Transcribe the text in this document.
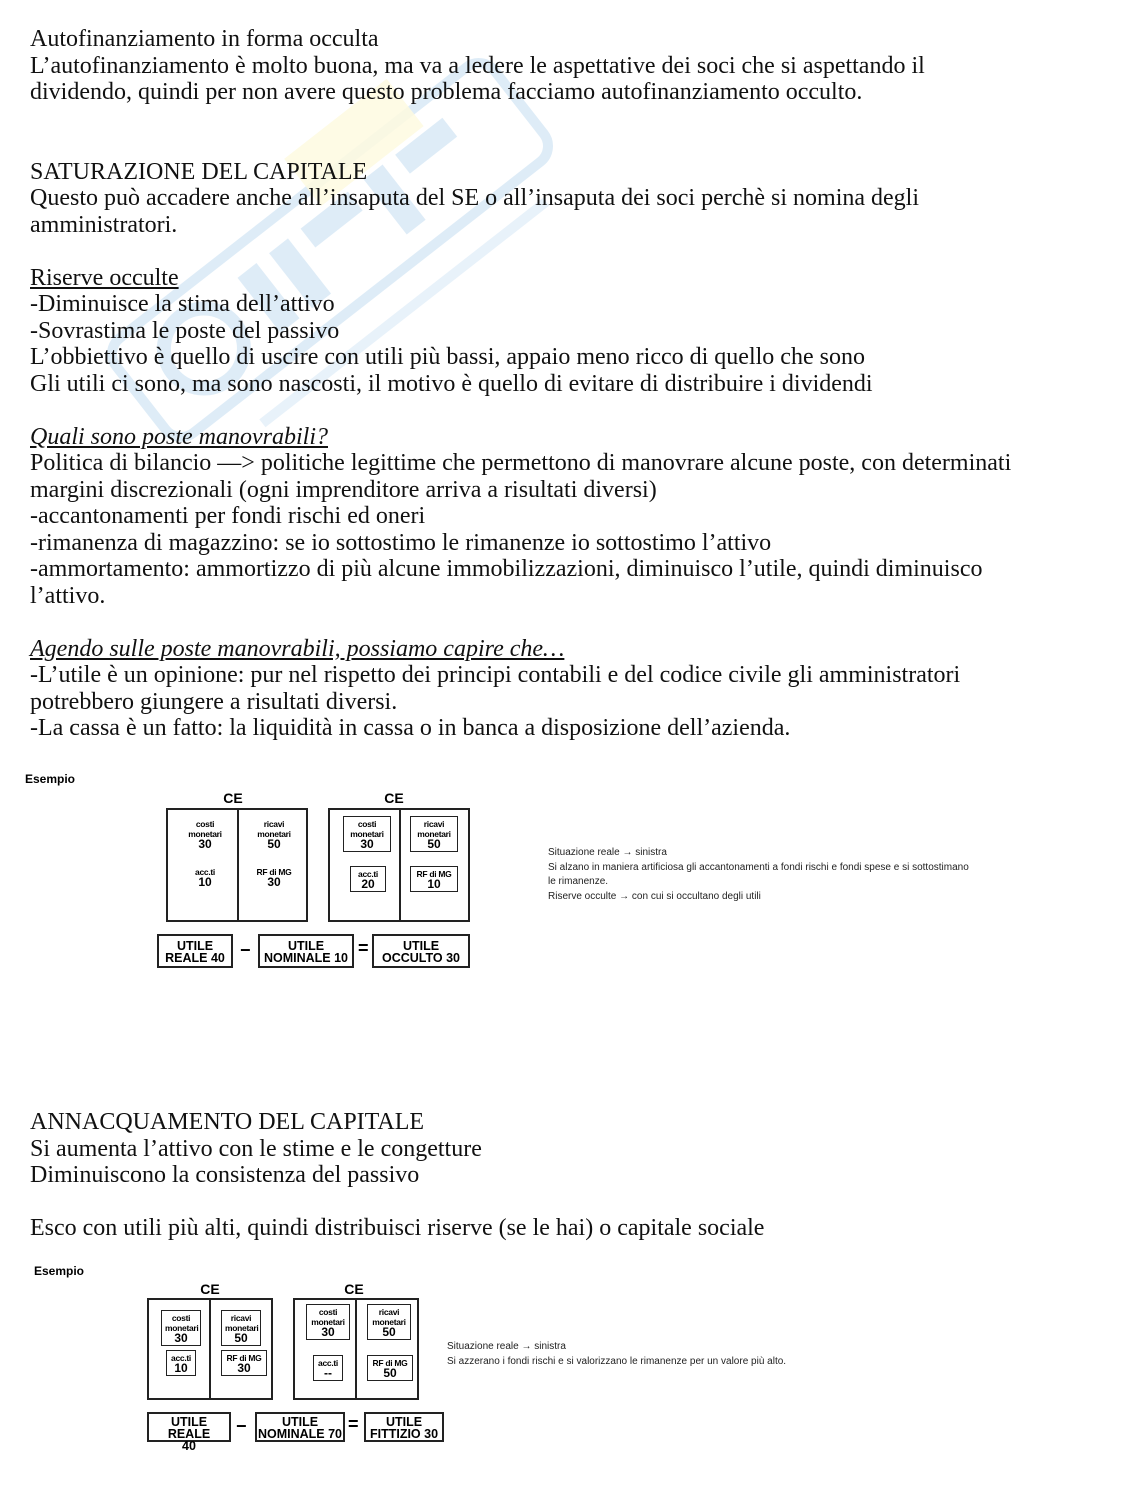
Autofinanziamento in forma occulta
L’autofinanziamento è molto buona, ma va a ledere le aspettative dei soci che si aspettando il
dividendo, quindi per non avere questo problema facciamo autofinanziamento occulto.
SATURAZIONE DEL CAPITALE
Questo può accadere anche all’insaputa del SE o all’insaputa dei soci perchè si nomina degli
amministratori.
Riserve occulte
-Diminuisce la stima dell’attivo
-Sovrastima le poste del passivo
L’obbiettivo è quello di uscire con utili più bassi, appaio meno ricco di quello che sono
Gli utili ci sono, ma sono nascosti, il motivo è quello di evitare di distribuire i dividendi
Quali sono poste manovrabili?
Politica di bilancio —> politiche legittime che permettono di manovrare alcune poste, con determinati
margini discrezionali (ogni imprenditore arriva a risultati diversi)
-accantonamenti per fondi rischi ed oneri
-rimanenza di magazzino: se io sottostimo le rimanenze io sottostimo l’attivo
-ammortamento: ammortizzo di più alcune immobilizzazioni, diminuisco l’utile, quindi diminuisco
l’attivo.
Agendo sulle poste manovrabili, possiamo capire che…
-L’utile è un opinione: pur nel rispetto dei principi contabili e del codice civile gli amministratori
potrebbero giungere a risultati diversi.
-La cassa è un fatto: la liquidità in cassa o in banca a disposizione dell’azienda.
Esempio
CE	CE
costi monetari
30
ricavi monetari
50
acc.ti
10
RF di MG
30
costi monetari
30
ricavi monetari
50
acc.ti
20
RF di MG
10
UTILE
REALE 40 −	UTILE
NOMINALE 10 =	UTILE
OCCULTO 30
Situazione reale → sinistra
Si alzano in maniera artificiosa gli accantonamenti a fondi rischi e fondi spese e si sottostimano
le rimanenze.
Riserve occulte → con cui si occultano degli utili
ANNACQUAMENTO DEL CAPITALE
Si aumenta l’attivo con le stime e le congetture
Diminuiscono la consistenza del passivo
Esco con utili più alti, quindi distribuisci riserve (se le hai) o capitale sociale
Esempio
CE	CE
costi monetari
30
ricavi monetari
50
acc.ti
10
RF di MG
30
costi monetari
30
ricavi monetari
50
acc.ti
--
RF di MG
50
UTILE REALE
40
−	UTILE
NOMINALE 70 =	UTILE
FITTIZIO 30
Situazione reale → sinistra
Si azzerano i fondi rischi e si valorizzano le rimanenze per un valore più alto.
